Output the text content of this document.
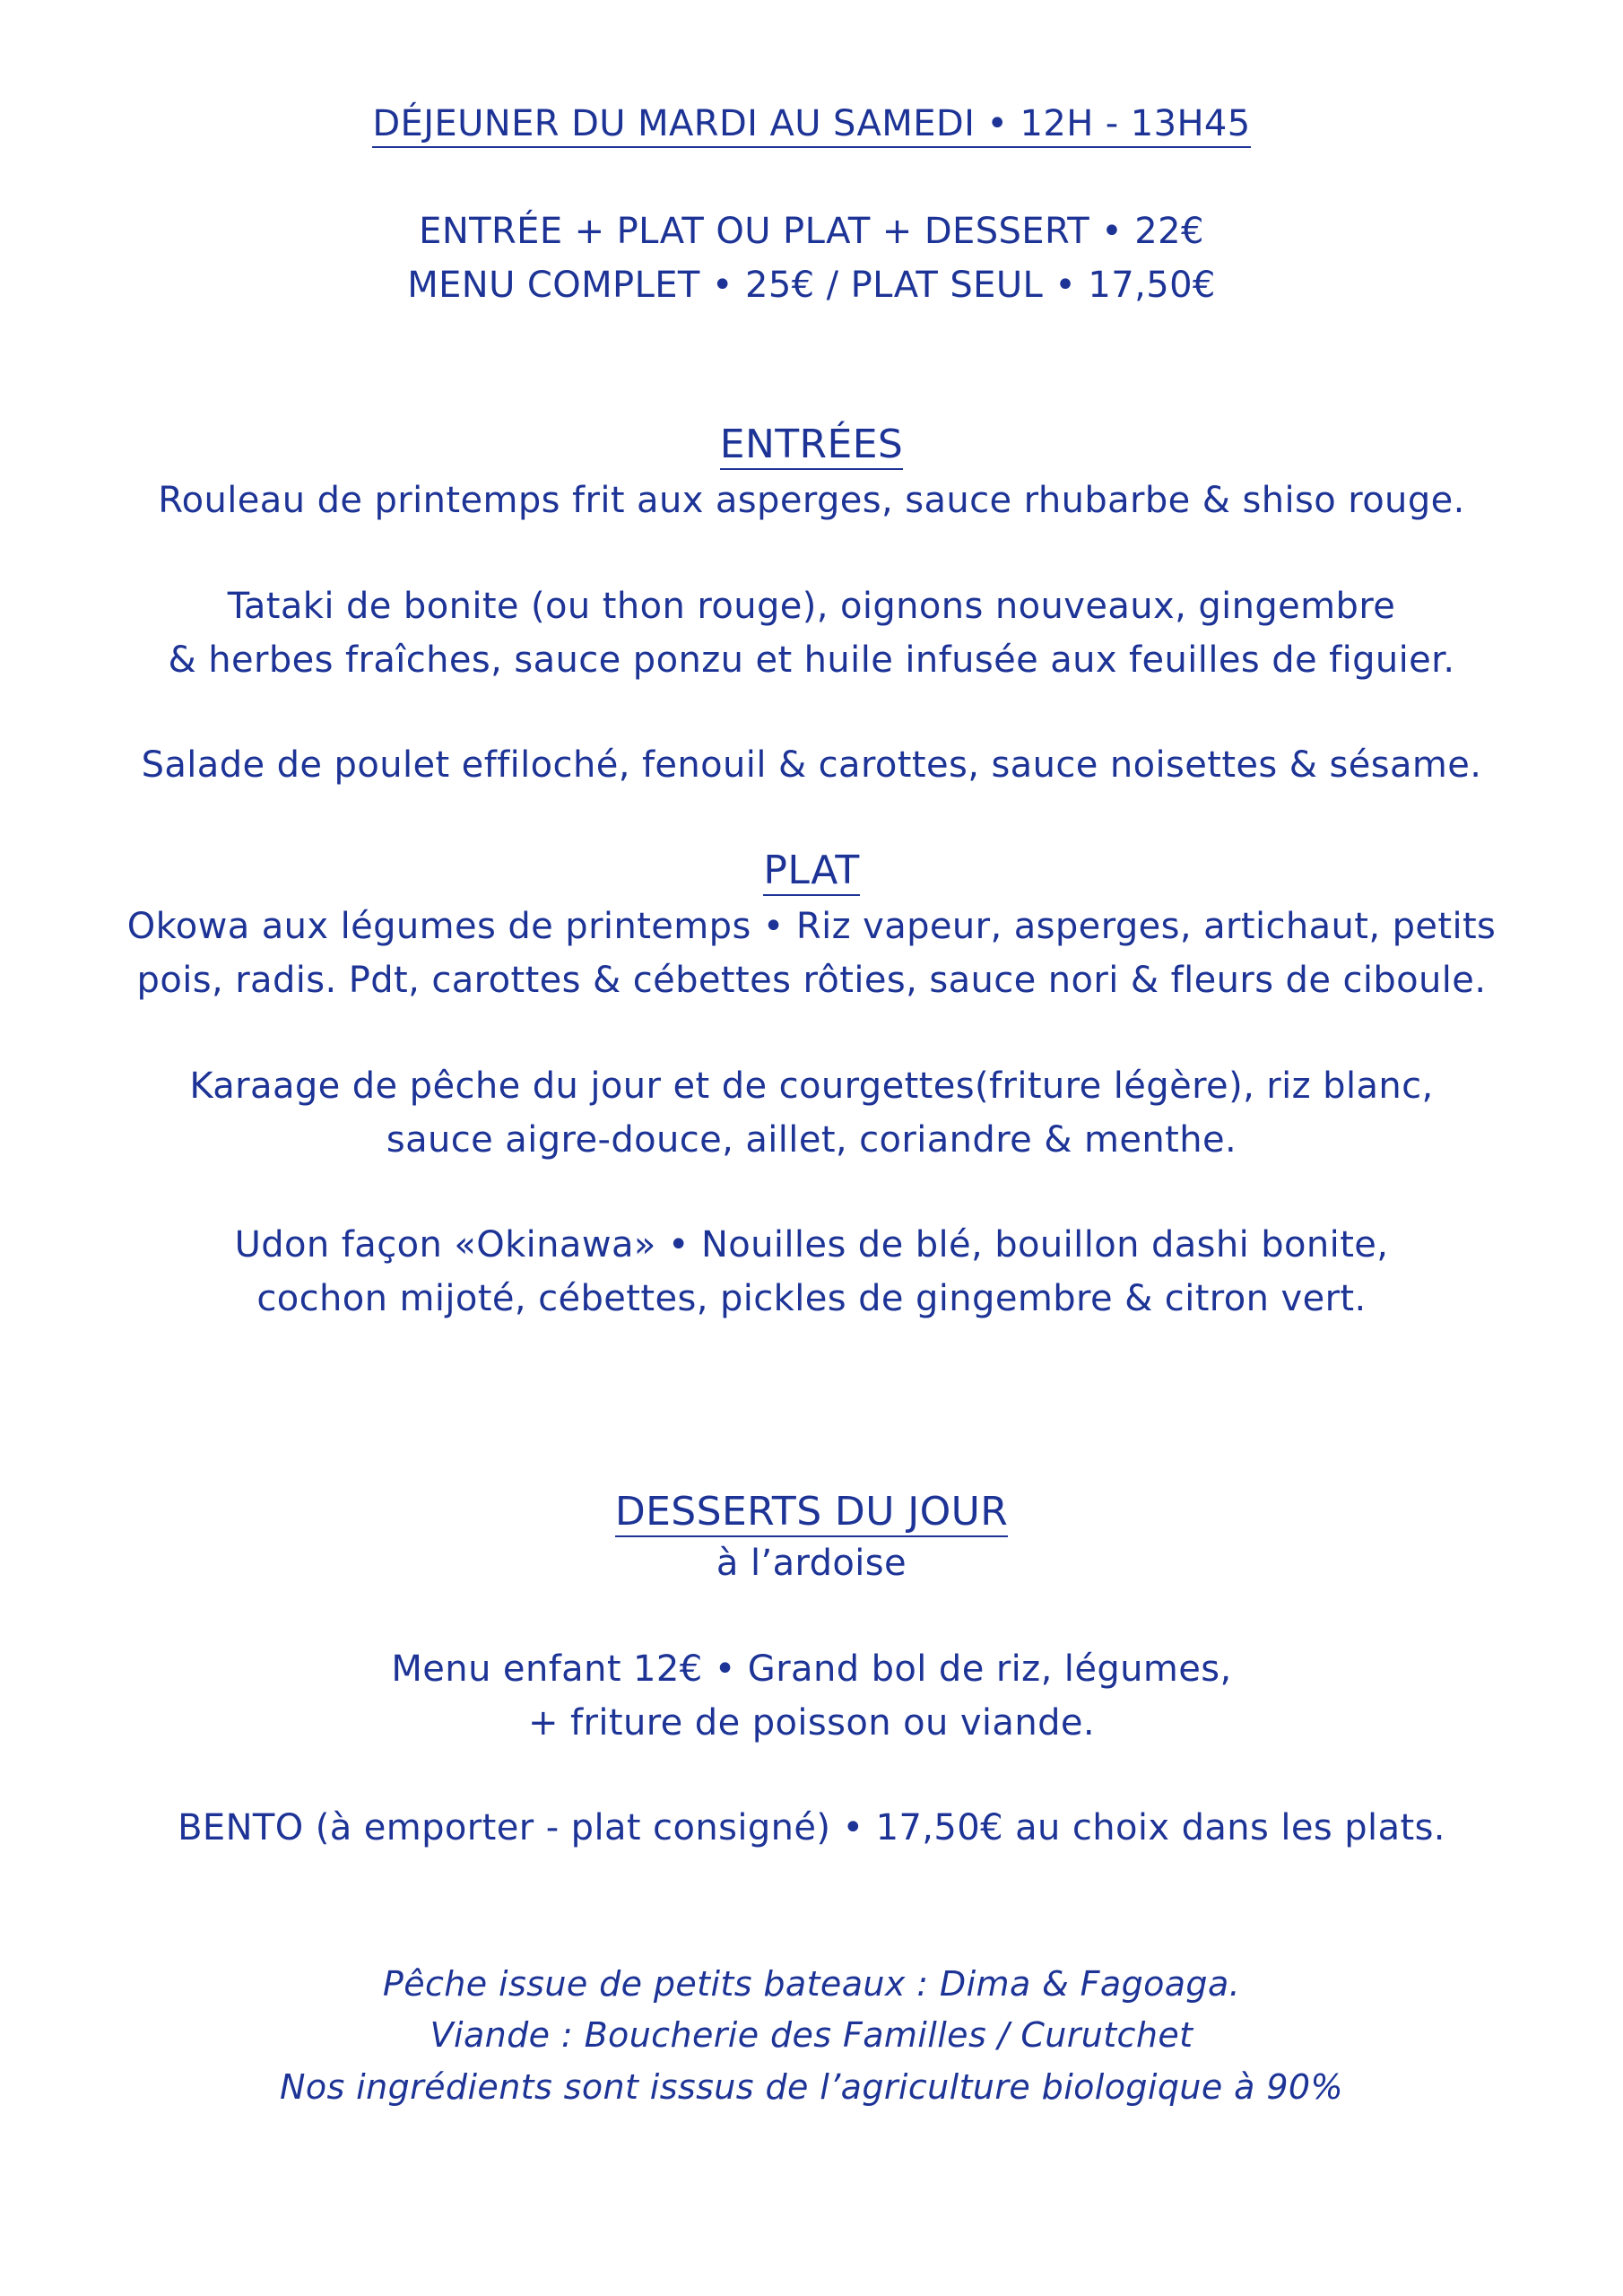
DÉJEUNER DU MARDI AU SAMEDI • 12H - 13H45
ENTRÉE + PLAT OU PLAT + DESSERT • 22€
MENU COMPLET • 25€ / PLAT SEUL • 17,50€
ENTRÉES
Rouleau de printemps frit aux asperges, sauce rhubarbe & shiso rouge.
Tataki de bonite (ou thon rouge), oignons nouveaux, gingembre
& herbes fraîches, sauce ponzu et huile infusée aux feuilles de figuier.
Salade de poulet effiloché, fenouil & carottes, sauce noisettes & sésame.
PLAT
Okowa aux légumes de printemps • Riz vapeur, asperges, artichaut, petits
pois, radis. Pdt, carottes & cébettes rôties, sauce nori & fleurs de ciboule.
Karaage de pêche du jour et de courgettes(friture légère), riz blanc,
sauce aigre-douce, aillet, coriandre & menthe.
Udon façon «Okinawa» • Nouilles de blé, bouillon dashi bonite,
cochon mijoté, cébettes, pickles de gingembre & citron vert.
DESSERTS DU JOUR
à l’ardoise
Menu enfant 12€ • Grand bol de riz, légumes,
+ friture de poisson ou viande.
BENTO (à emporter - plat consigné) • 17,50€ au choix dans les plats.
Pêche issue de petits bateaux : Dima & Fagoaga.
Viande : Boucherie des Familles / Curutchet
Nos ingrédients sont isssus de l’agriculture biologique à 90%
